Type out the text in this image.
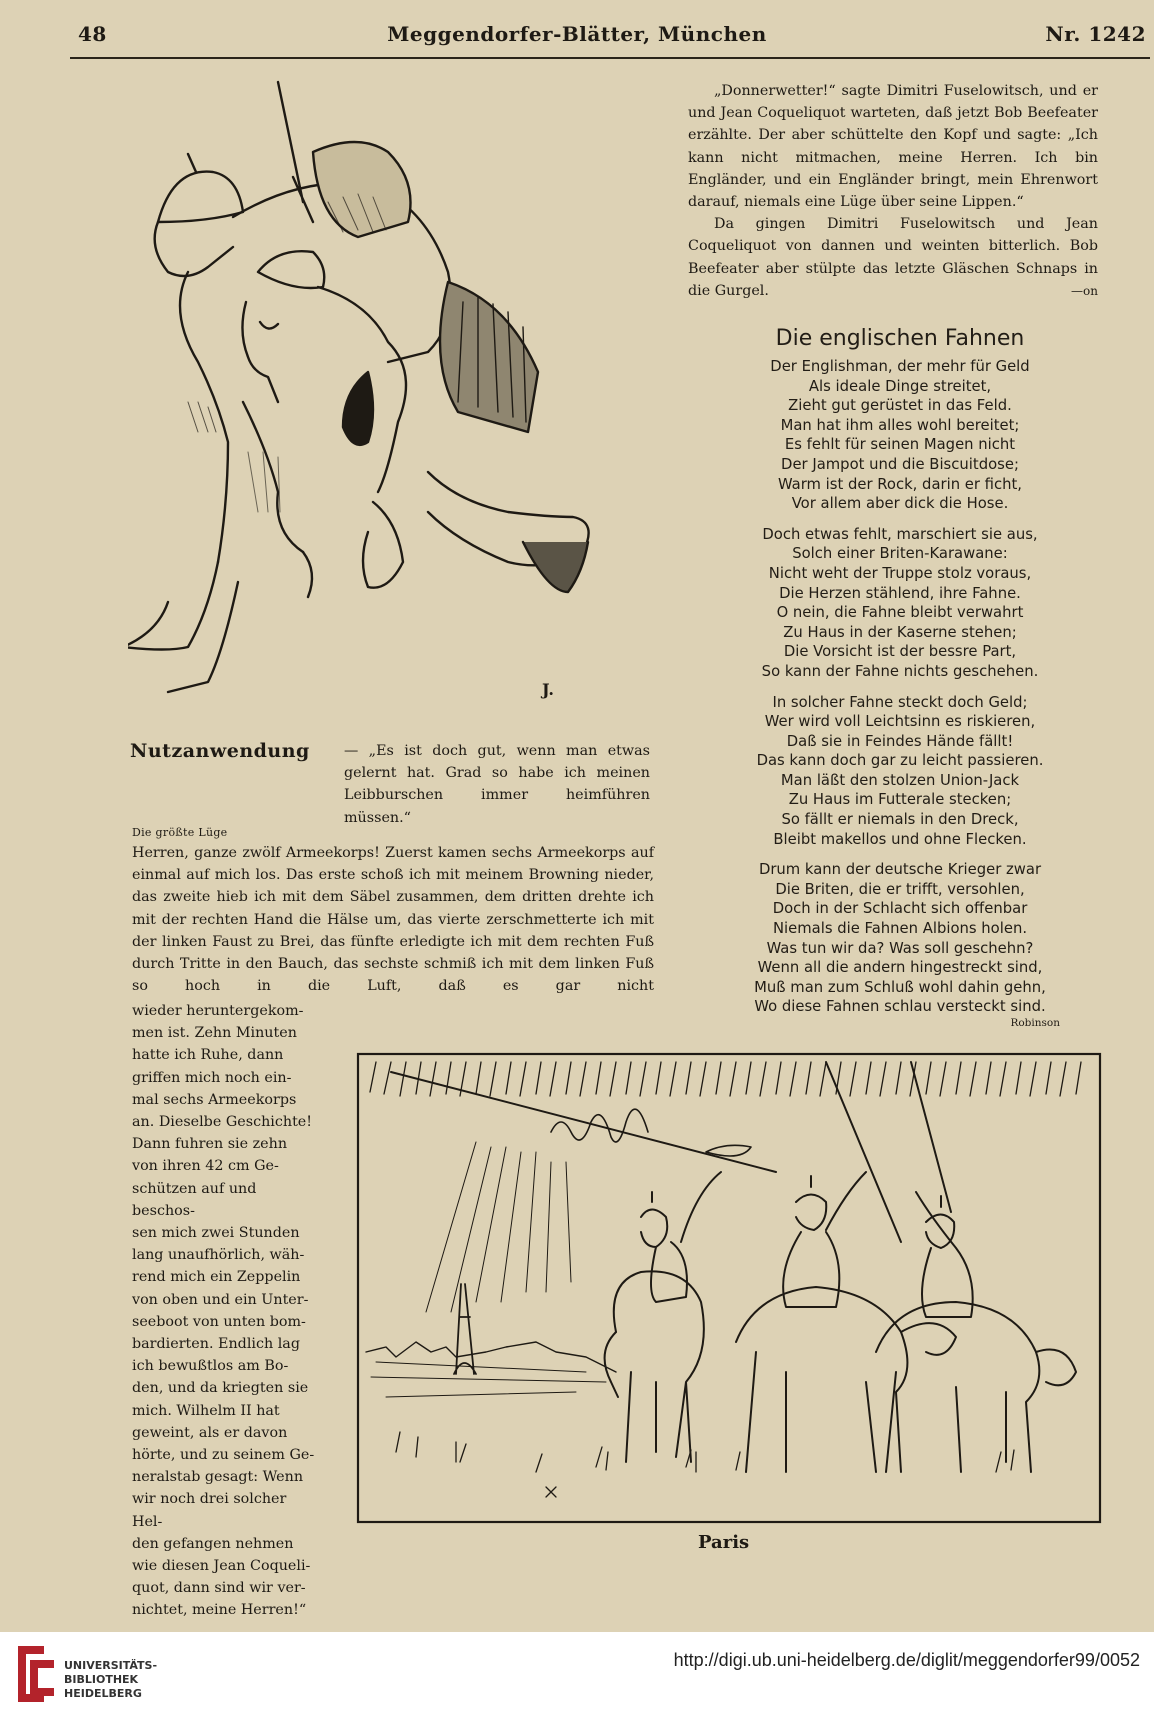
48	Meggendorfer-Blätter, München	Nr. 1242

„Donnerwetter!“ sagte Dimitri Fuselowitsch, und er und Jean Coqueliquot warteten, daß jetzt Bob Beefeater erzählte. Der aber schüttelte den Kopf und sagte: „Ich kann nicht mitmachen, meine Herren. Ich bin Engländer, und ein Engländer bringt, mein Ehrenwort darauf, niemals eine Lüge über seine Lippen.“

Da gingen Dimitri Fuselowitsch und Jean Coqueliquot von dannen und weinten bitterlich. Bob Beefeater aber stülpte das letzte Gläschen Schnaps in die Gurgel.	—on
Die englischen Fahnen
Der Englishman, der mehr für Geld
Als ideale Dinge streitet,
Zieht gut gerüstet in das Feld.
Man hat ihm alles wohl bereitet;
Es fehlt für seinen Magen nicht
Der Jampot und die Biscuitdose;
Warm ist der Rock, darin er ficht,
Vor allem aber dick die Hose.
Doch etwas fehlt, marschiert sie aus,
Solch einer Briten-Karawane:
Nicht weht der Truppe stolz voraus,
Die Herzen stählend, ihre Fahne.
O nein, die Fahne bleibt verwahrt
Zu Haus in der Kaserne stehen;
Die Vorsicht ist der bessre Part,
So kann der Fahne nichts geschehen.
In solcher Fahne steckt doch Geld;
Wer wird voll Leichtsinn es riskieren,
Daß sie in Feindes Hände fällt!
Das kann doch gar zu leicht passieren.
Man läßt den stolzen Union-Jack
Zu Haus im Futterale stecken;
So fällt er niemals in den Dreck,
Bleibt makellos und ohne Flecken.
Drum kann der deutsche Krieger zwar
Die Briten, die er trifft, versohlen,
Doch in der Schlacht sich offenbar
Niemals die Fahnen Albions holen.
Was tun wir da? Was soll geschehn?
Wenn all die andern hingestreckt sind,
Muß man zum Schluß wohl dahin gehn,
Wo diese Fahnen schlau versteckt sind.
Robinson
J.
Nutzanwendung — „Es ist doch gut, wenn man etwas gelernt hat. Grad so habe ich meinen Leibburschen immer heimführen müssen.“
Die größte Lüge
Herren, ganze zwölf Armeekorps! Zuerst kamen sechs Armeekorps auf einmal auf mich los. Das erste schoß ich mit meinem Browning nieder, das zweite hieb ich mit dem Säbel zusammen, dem dritten drehte ich mit der rechten Hand die Hälse um, das vierte zerschmetterte ich mit der linken Faust zu Brei, das fünfte erledigte ich mit dem rechten Fuß durch Tritte in den Bauch, das sechste schmiß ich mit dem linken Fuß so hoch in die Luft, daß es gar nicht
wieder heruntergekom-
men ist. Zehn Minuten
hatte ich Ruhe, dann
griffen mich noch ein-
mal sechs Armeekorps
an. Dieselbe Geschichte!
Dann fuhren sie zehn
von ihren 42 cm Ge-
schützen auf und beschos-
sen mich zwei Stunden
lang unaufhörlich, wäh-
rend mich ein Zeppelin
von oben und ein Unter-
seeboot von unten bom-
bardierten. Endlich lag
ich bewußtlos am Bo-
den, und da kriegten sie
mich. Wilhelm II hat
geweint, als er davon
hörte, und zu seinem Ge-
neralstab gesagt: Wenn
wir noch drei solcher Hel-
den gefangen nehmen
wie diesen Jean Coqueli-
quot, dann sind wir ver-
nichtet, meine Herren!“
Paris
UNIVERSITÄTS-
BIBLIOTHEK
HEIDELBERG
http://digi.ub.uni-heidelberg.de/diglit/meggendorfer99/0052
